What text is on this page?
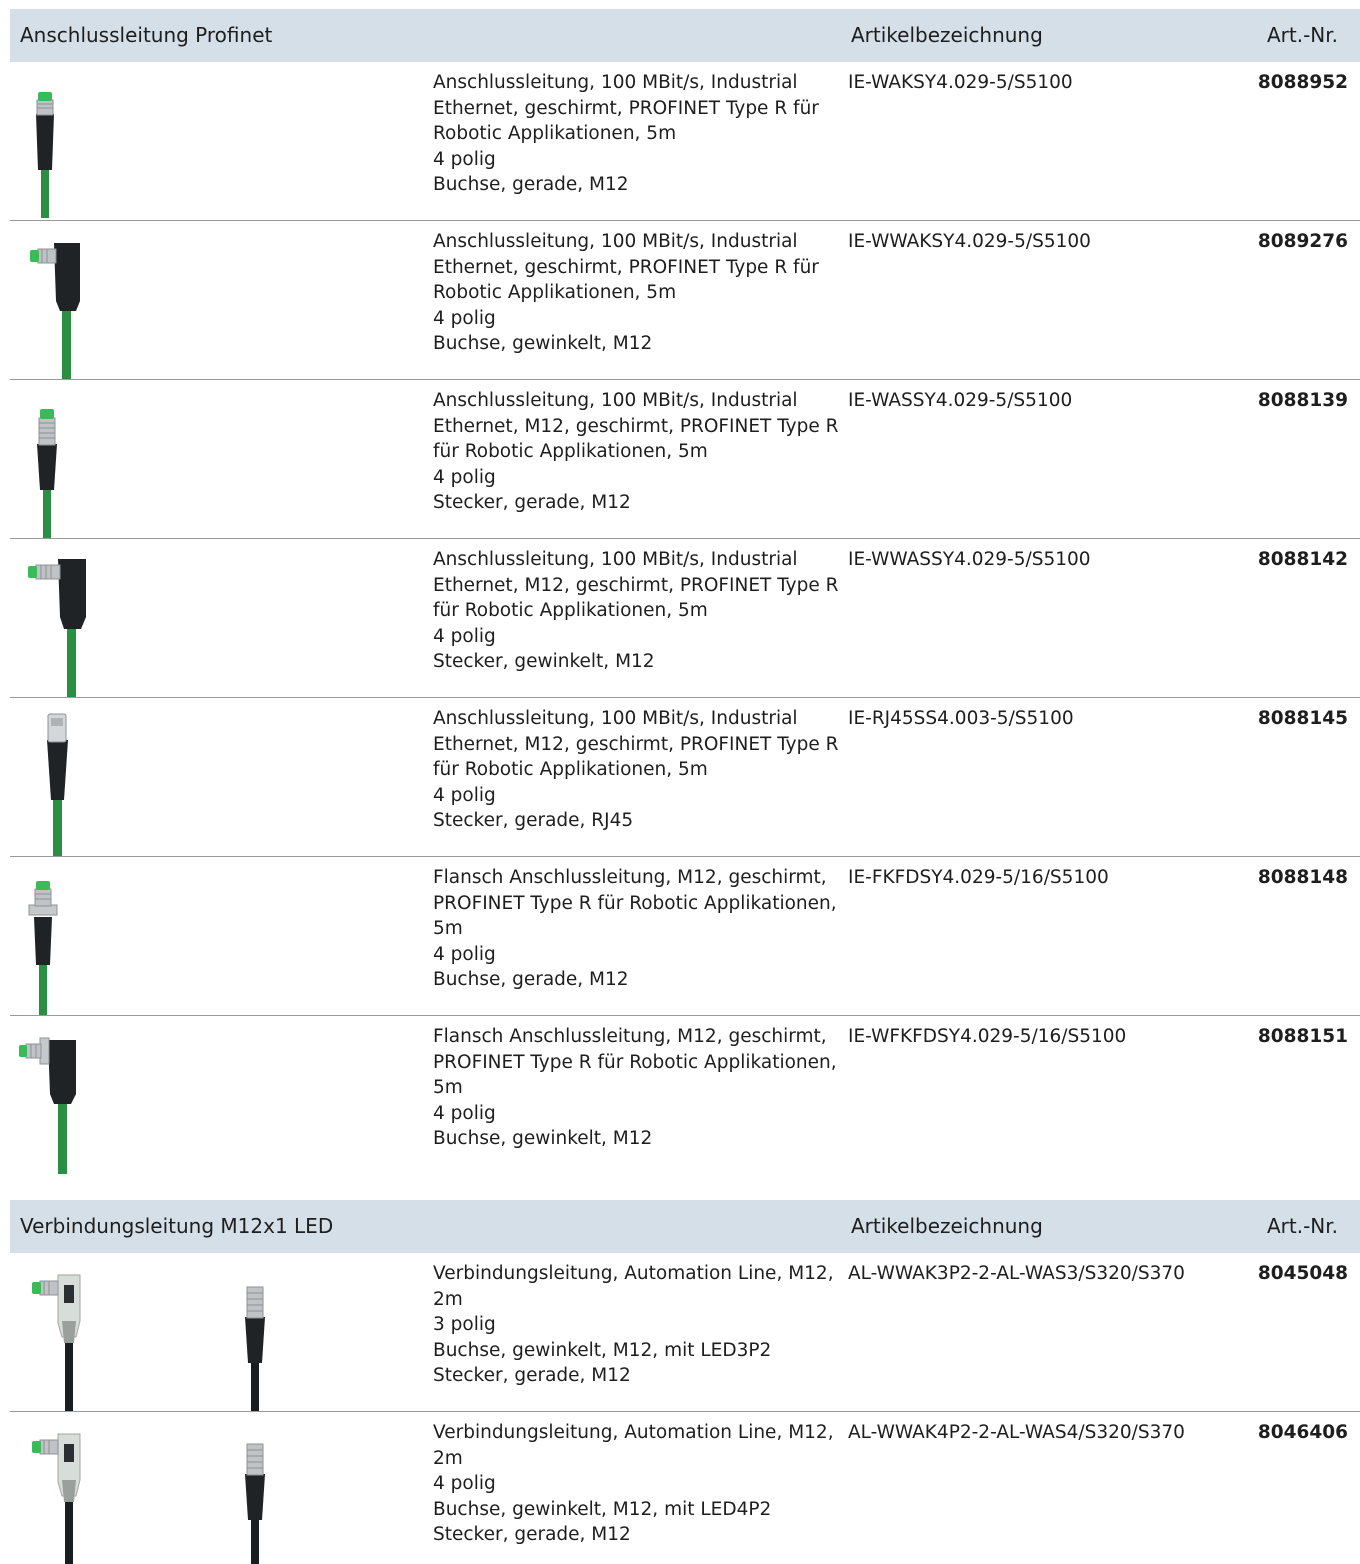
Anschlussleitung Profinet	Artikelbezeichnung	Art.-Nr.
Anschlussleitung, 100 MBit/s, Industrial
Ethernet, geschirmt, PROFINET Type R für
Robotic Applikationen, 5m
4 polig
Buchse, gerade, M12
IE-WAKSY4.029-5/S5100	8088952
Anschlussleitung, 100 MBit/s, Industrial
Ethernet, geschirmt, PROFINET Type R für
Robotic Applikationen, 5m
4 polig
Buchse, gewinkelt, M12
IE-WWAKSY4.029-5/S5100	8089276
Anschlussleitung, 100 MBit/s, Industrial
Ethernet, M12, geschirmt, PROFINET Type R
für Robotic Applikationen, 5m
4 polig
Stecker, gerade, M12
IE-WASSY4.029-5/S5100	8088139
Anschlussleitung, 100 MBit/s, Industrial
Ethernet, M12, geschirmt, PROFINET Type R
für Robotic Applikationen, 5m
4 polig
Stecker, gewinkelt, M12
IE-WWASSY4.029-5/S5100	8088142
Anschlussleitung, 100 MBit/s, Industrial
Ethernet, M12, geschirmt, PROFINET Type R
für Robotic Applikationen, 5m
4 polig
Stecker, gerade, RJ45
IE-RJ45SS4.003-5/S5100	8088145
Flansch Anschlussleitung, M12, geschirmt,
PROFINET Type R für Robotic Applikationen,
5m
4 polig
Buchse, gerade, M12
IE-FKFDSY4.029-5/16/S5100	8088148
Flansch Anschlussleitung, M12, geschirmt,
PROFINET Type R für Robotic Applikationen,
5m
4 polig
Buchse, gewinkelt, M12
IE-WFKFDSY4.029-5/16/S5100	8088151
Verbindungsleitung M12x1 LED	Artikelbezeichnung	Art.-Nr.
Verbindungsleitung, Automation Line, M12,
2m
3 polig
Buchse, gewinkelt, M12, mit LED3P2
Stecker, gerade, M12
AL-WWAK3P2-2-AL-WAS3/S320/S370	8045048
Verbindungsleitung, Automation Line, M12,
2m
4 polig
Buchse, gewinkelt, M12, mit LED4P2
Stecker, gerade, M12
AL-WWAK4P2-2-AL-WAS4/S320/S370	8046406
